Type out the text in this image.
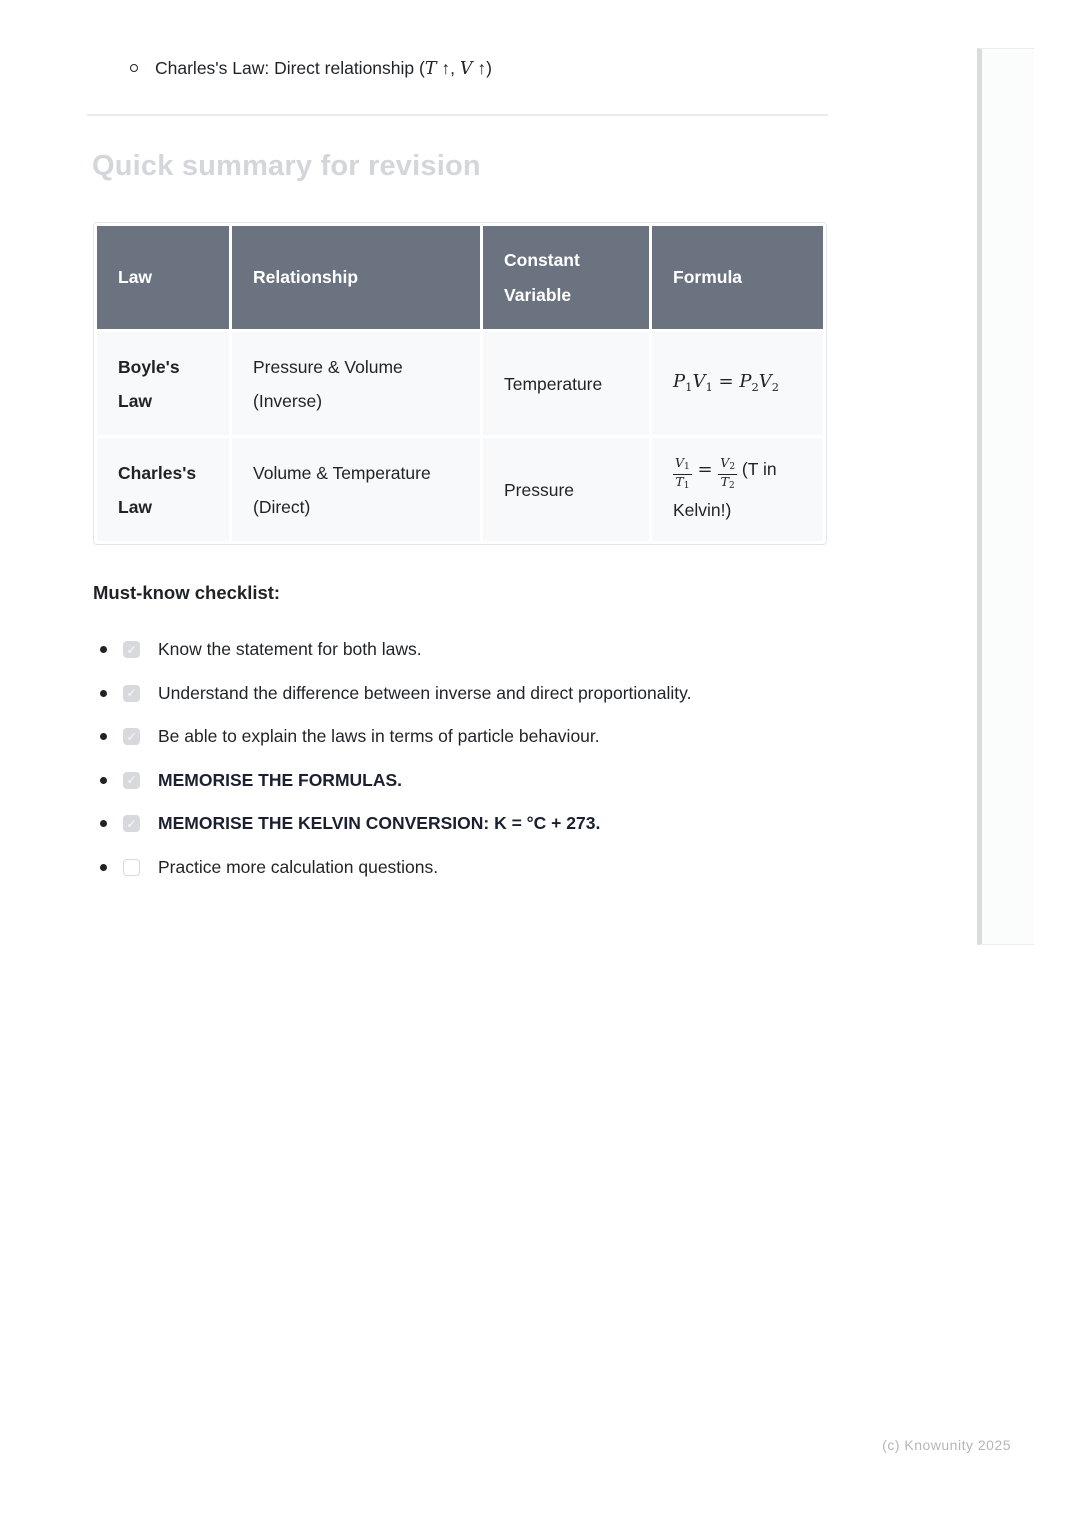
Charles's Law: Direct relationship (T ↑, V ↑)
Quick summary for revision
Law	Relationship	Constant Variable	Formula
Boyle's Law	Pressure & Volume (Inverse)	Temperature	$P_1V_1 = P_2V_2$
Charles's Law	Volume & Temperature (Direct)	Pressure	$\frac{V_1}{T_1} = \frac{V_2}{T_2} (T$ in Kelvin!)
Must-know checklist:
✓ Know the statement for both laws.
✓ Understand the difference between inverse and direct proportionality.
✓ Be able to explain the laws in terms of particle behaviour.
✓ MEMORISE THE FORMULAS.
✓ MEMORISE THE KELVIN CONVERSION: K = °C + 273.
Practice more calculation questions.
(c) Knowunity 2025
